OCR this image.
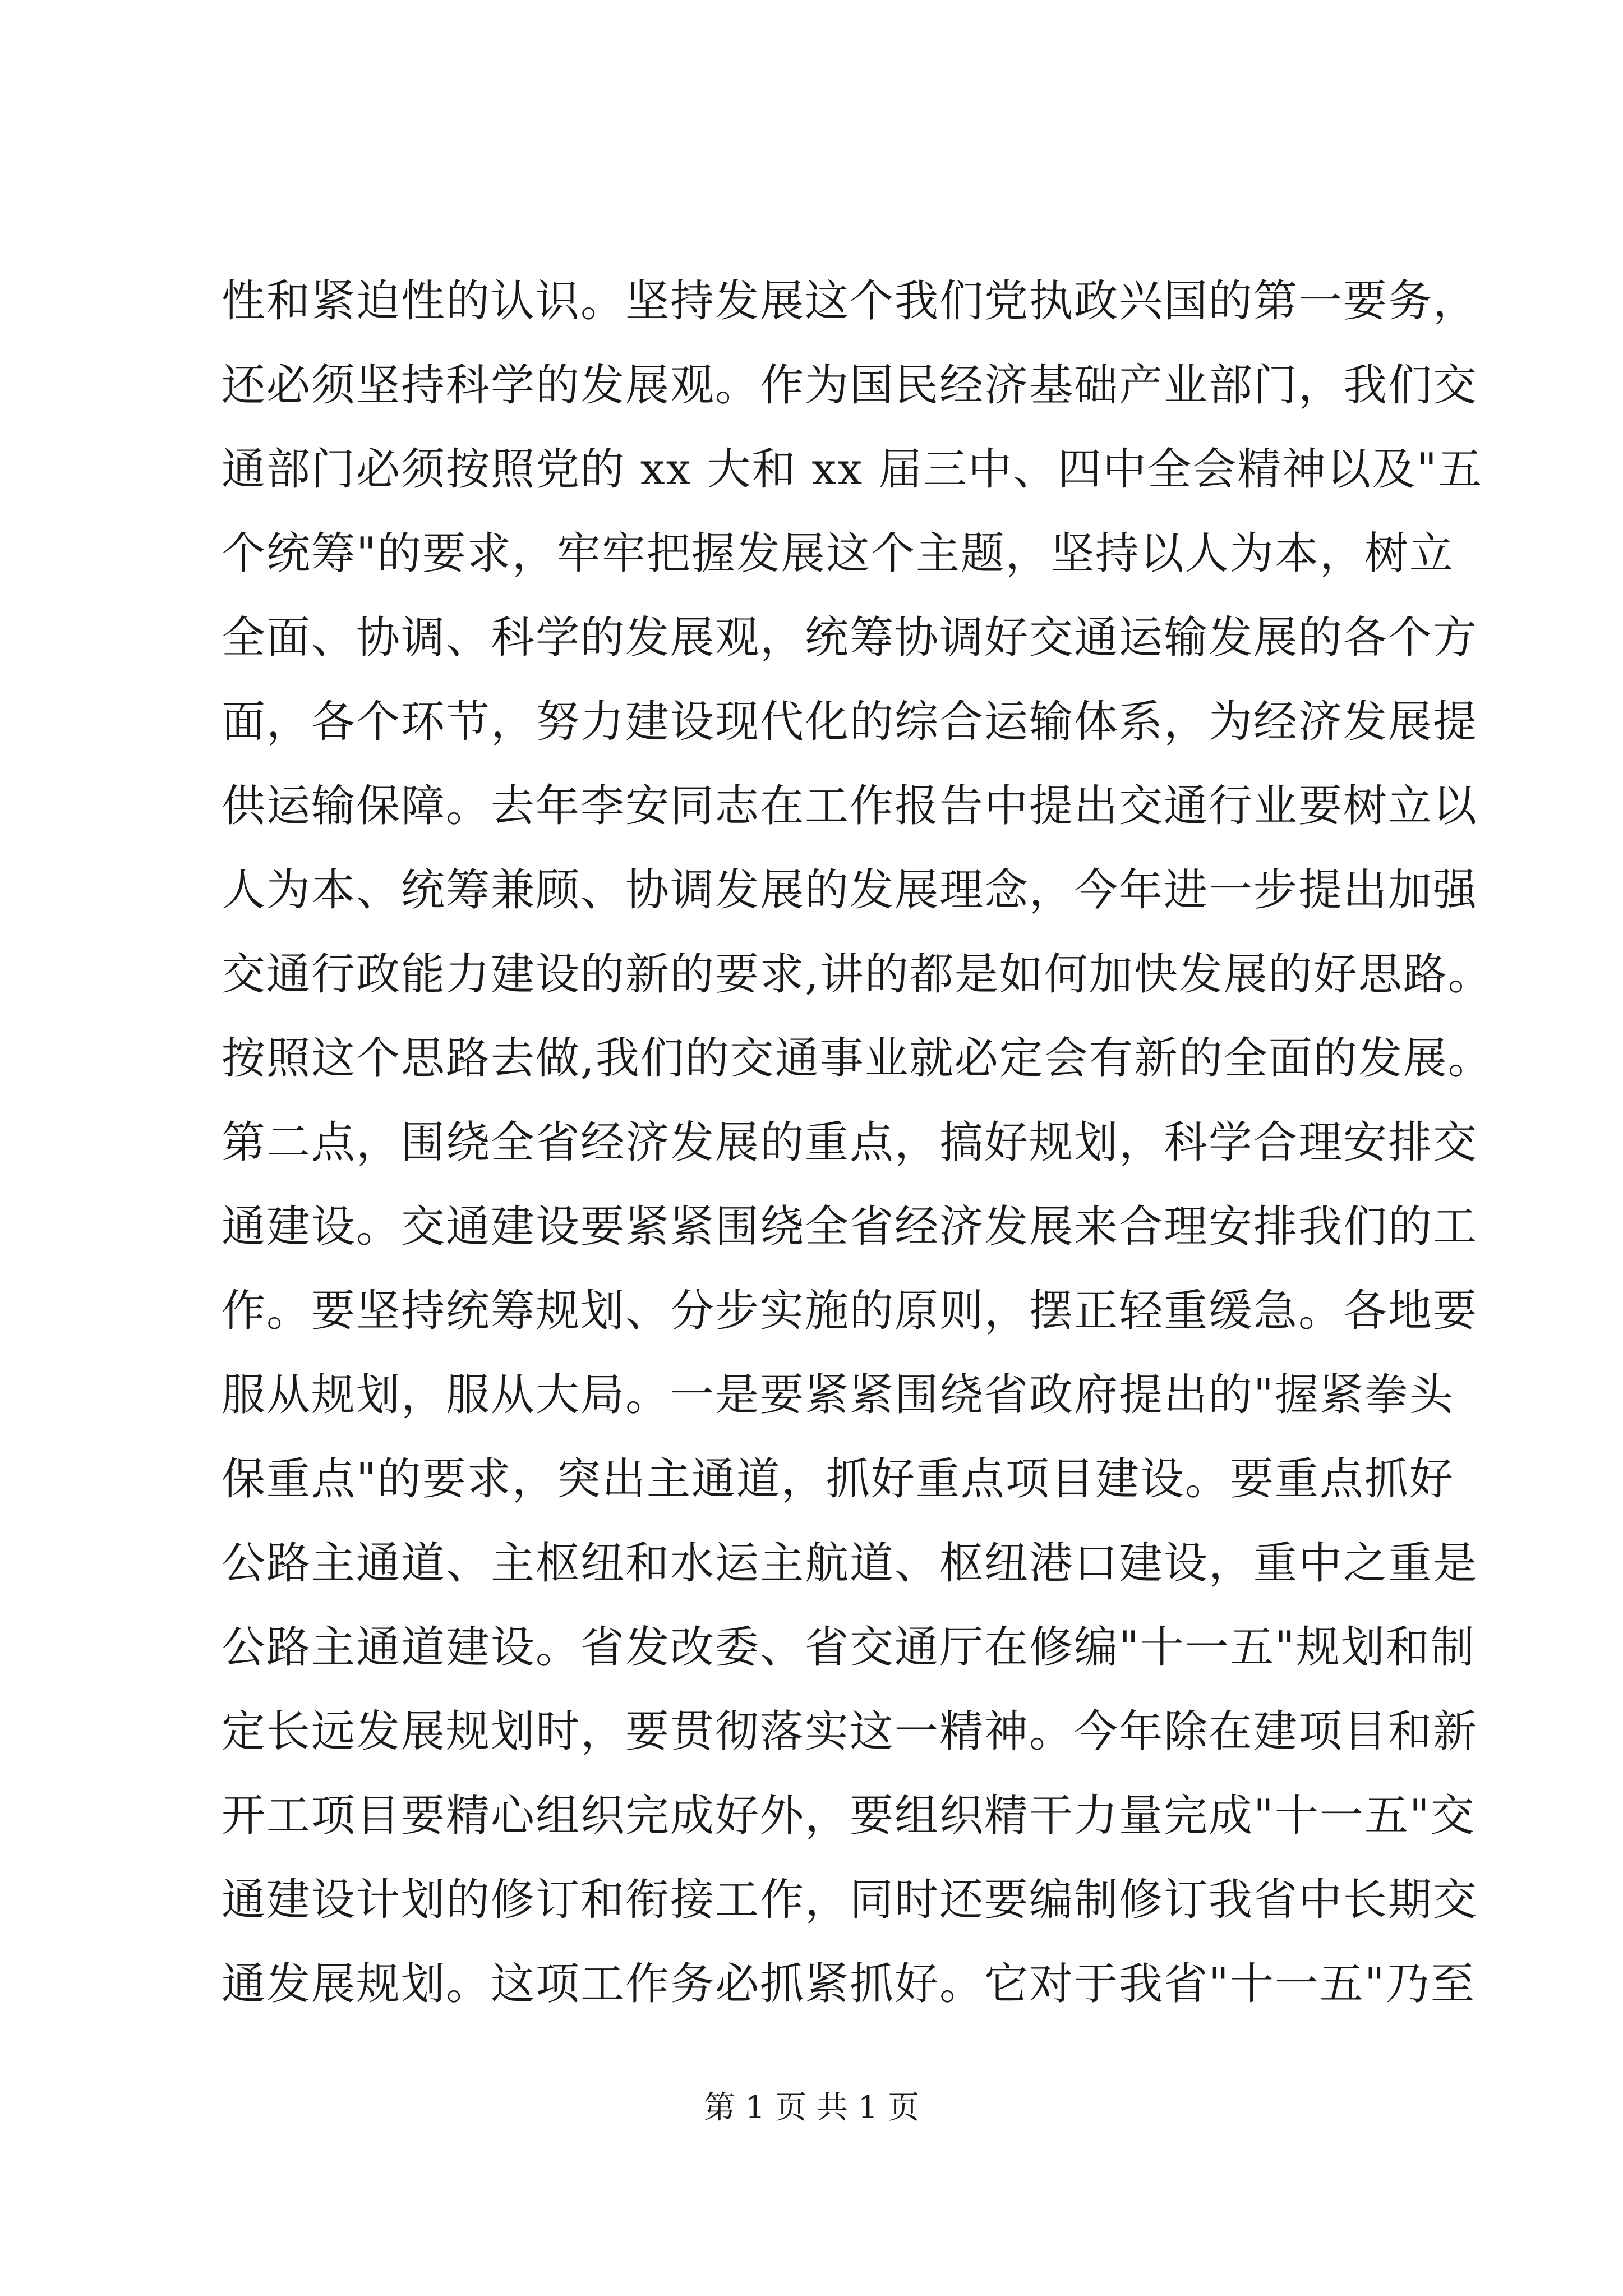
性和紧迫性的认识。坚持发展这个我们党执政兴国的第一要务，
还必须坚持科学的发展观。作为国民经济基础产业部门，我们交
通部门必须按照党的 xx 大和 xx 届三中、四中全会精神以及"五
个统筹"的要求，牢牢把握发展这个主题，坚持以人为本，树立
全面、协调、科学的发展观，统筹协调好交通运输发展的各个方
面，各个环节，努力建设现代化的综合运输体系，为经济发展提
供运输保障。去年李安同志在工作报告中提出交通行业要树立以
人为本、统筹兼顾、协调发展的发展理念，今年进一步提出加强
交通行政能力建设的新的要求,讲的都是如何加快发展的好思路。
按照这个思路去做,我们的交通事业就必定会有新的全面的发展。
第二点，围绕全省经济发展的重点，搞好规划，科学合理安排交
通建设。交通建设要紧紧围绕全省经济发展来合理安排我们的工
作。要坚持统筹规划、分步实施的原则，摆正轻重缓急。各地要
服从规划，服从大局。一是要紧紧围绕省政府提出的"握紧拳头
保重点"的要求，突出主通道，抓好重点项目建设。要重点抓好
公路主通道、主枢纽和水运主航道、枢纽港口建设，重中之重是
公路主通道建设。省发改委、省交通厅在修编"十一五"规划和制
定长远发展规划时，要贯彻落实这一精神。今年除在建项目和新
开工项目要精心组织完成好外，要组织精干力量完成"十一五"交
通建设计划的修订和衔接工作，同时还要编制修订我省中长期交
通发展规划。这项工作务必抓紧抓好。它对于我省"十一五"乃至
第 1 页 共 1 页
